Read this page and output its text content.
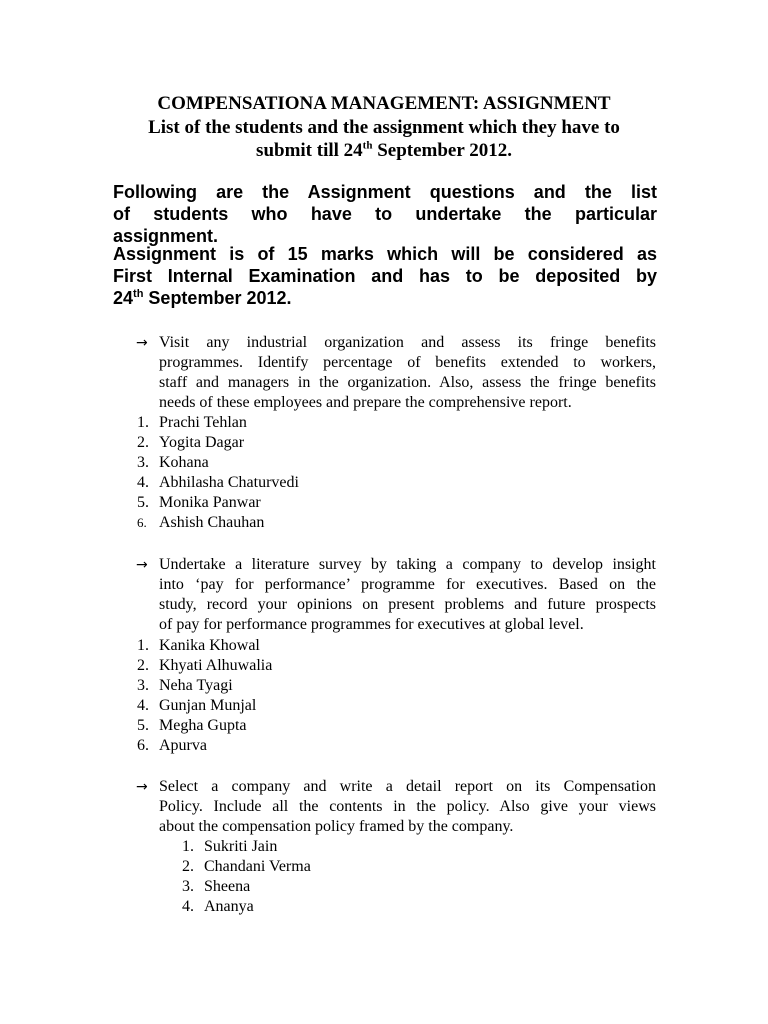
COMPENSATIONA MANAGEMENT: ASSIGNMENT
List of the students and the assignment which they have to
submit till 24th September 2012.
Following are the Assignment questions and the list
of students who have to undertake the particular
assignment.
Assignment is of 15 marks which will be considered as
First Internal Examination and has to be deposited by
24th September 2012.
→ Visit any industrial organization and assess its fringe benefits
programmes. Identify percentage of benefits extended to workers,
staff and managers in the organization. Also, assess the fringe benefits
needs of these employees and prepare the comprehensive report.
1. Prachi Tehlan
2. Yogita Dagar
3. Kohana
4. Abhilasha Chaturvedi
5. Monika Panwar
6. Ashish Chauhan
→ Undertake a literature survey by taking a company to develop insight
into ‘pay for performance’ programme for executives. Based on the
study, record your opinions on present problems and future prospects
of pay for performance programmes for executives at global level.
1. Kanika Khowal
2. Khyati Alhuwalia
3. Neha Tyagi
4. Gunjan Munjal
5. Megha Gupta
6. Apurva
→ Select a company and write a detail report on its Compensation
Policy. Include all the contents in the policy. Also give your views
about the compensation policy framed by the company.
1. Sukriti Jain
2. Chandani Verma
3. Sheena
4. Ananya
